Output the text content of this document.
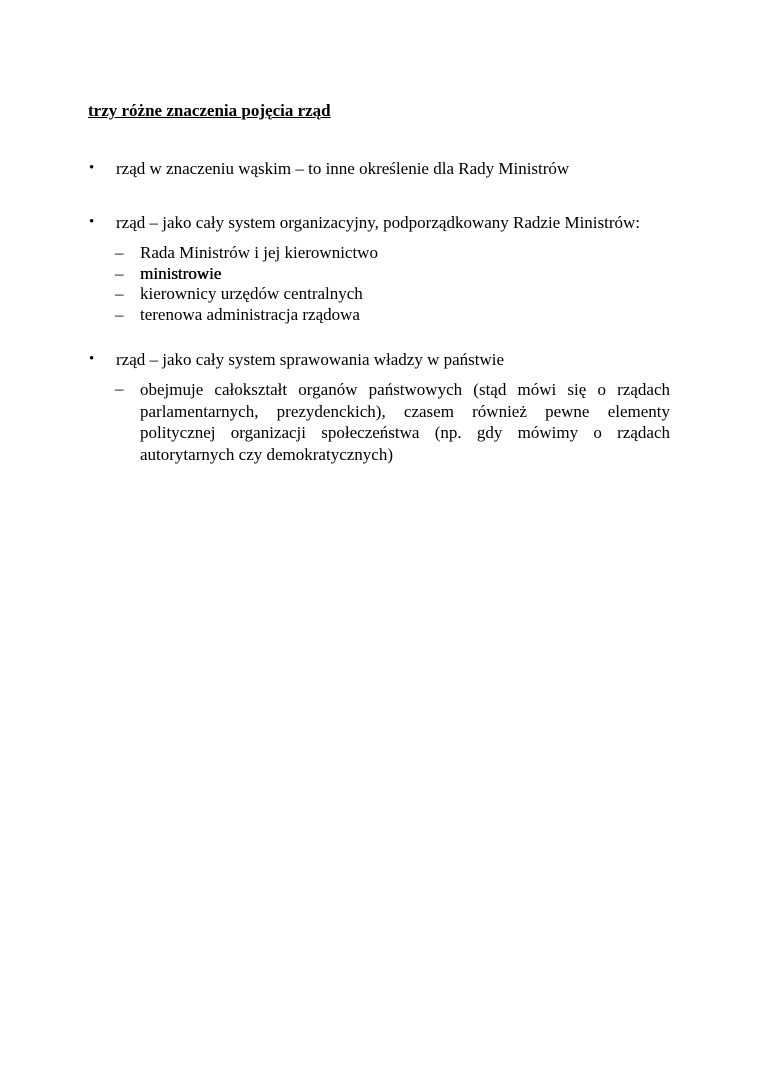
trzy różne znaczenia pojęcia rząd
•	rząd w znaczeniu wąskim – to inne określenie dla Rady Ministrów
•	rząd – jako cały system organizacyjny, podporządkowany Radzie Ministrów:
– Rada Ministrów i jej kierownictwo
– ministrowie
– kierownicy urzędów centralnych
– terenowa administracja rządowa
•	rząd – jako cały system sprawowania władzy w państwie
– obejmuje całokształt organów państwowych (stąd mówi się o rządach parlamentarnych, prezydenckich), czasem również pewne elementy politycznej organizacji społeczeństwa (np. gdy mówimy o rządach autorytarnych czy demokratycznych)
